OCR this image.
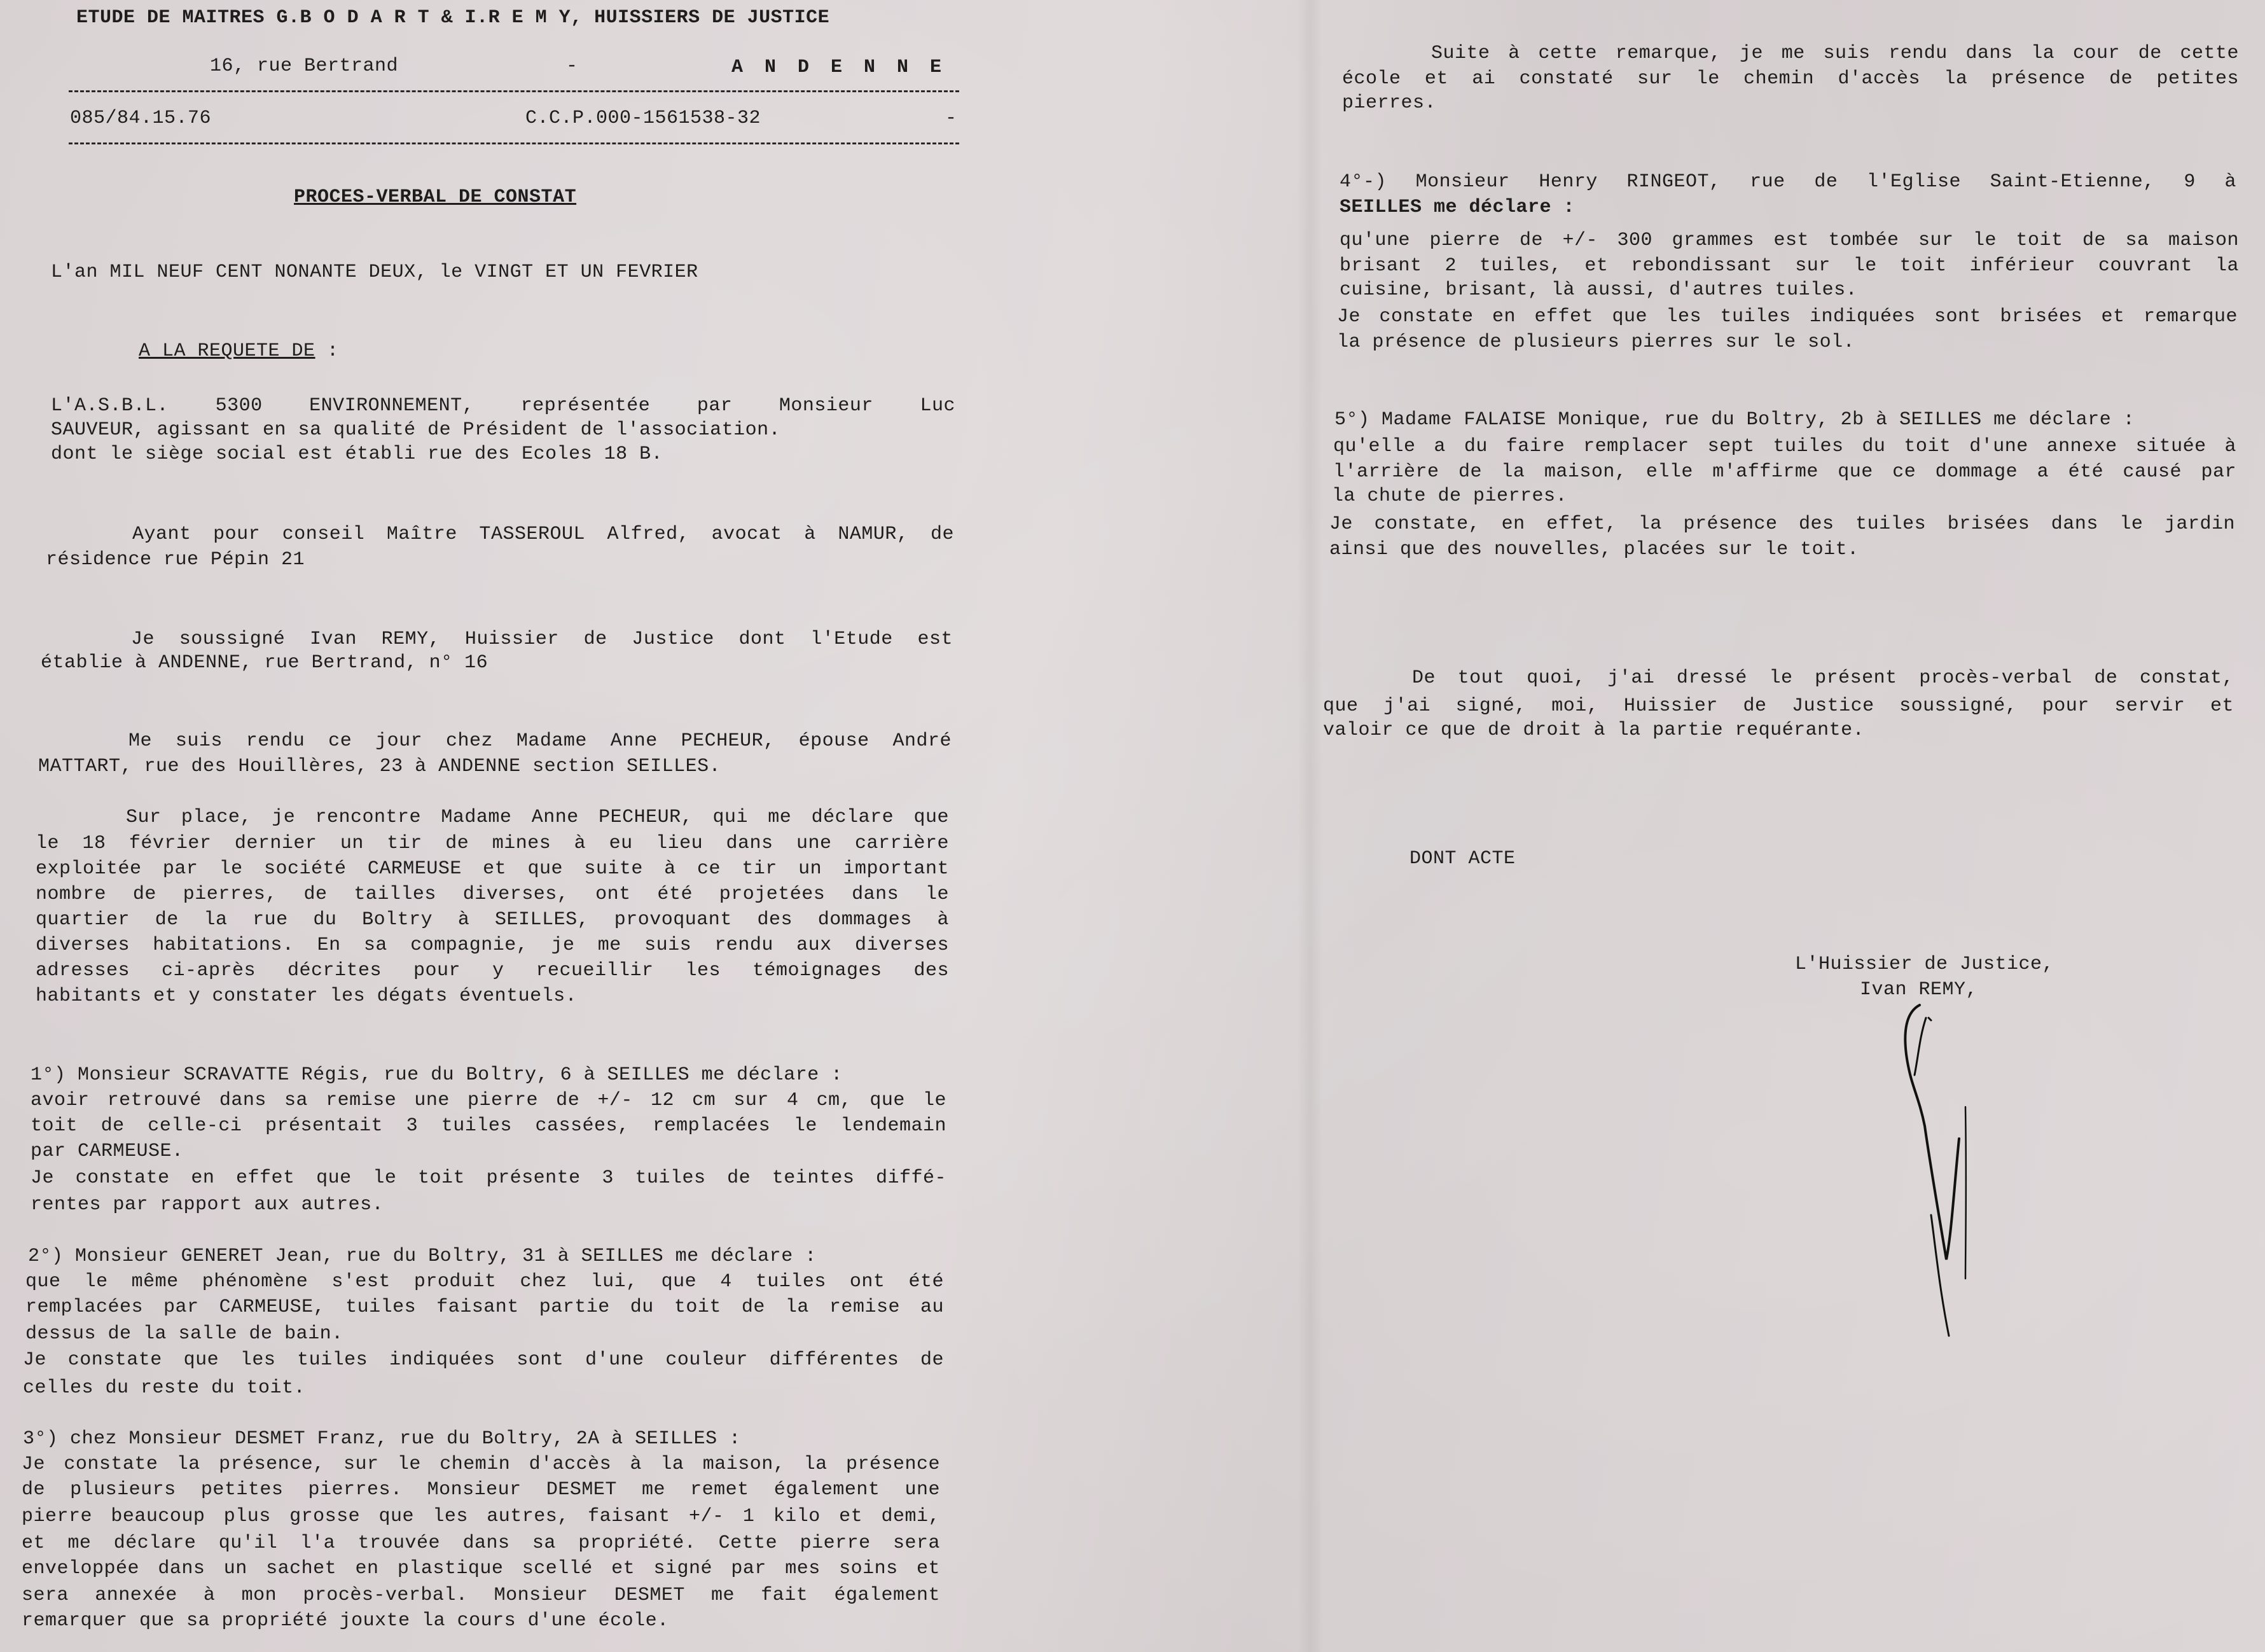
ETUDE DE MAITRES G.B O D A R T & I.R E M Y, HUISSIERS DE JUSTICE

16, rue Bertrand	-	A N D E N N E

085/84.15.76	C.C.P.000-1561538-32	-

PROCES-VERBAL DE CONSTAT

L'an MIL NEUF CENT NONANTE DEUX, le VINGT ET UN FEVRIER

A LA REQUETE DE :

L'A.S.B.L. 5300 ENVIRONNEMENT, représentée par Monsieur Luc

SAUVEUR, agissant en sa qualité de Président de l'association.

dont le siège social est établi rue des Ecoles 18 B.

Ayant pour conseil Maître TASSEROUL Alfred, avocat à NAMUR, de

résidence rue Pépin 21

Je soussigné Ivan REMY, Huissier de Justice dont l'Etude est

établie à ANDENNE, rue Bertrand, n° 16

Me suis rendu ce jour chez Madame Anne PECHEUR, épouse André

MATTART, rue des Houillères, 23 à ANDENNE section SEILLES.

Sur place, je rencontre Madame Anne PECHEUR, qui me déclare que

le 18 février dernier un tir de mines à eu lieu dans une carrière

exploitée par le société CARMEUSE et que suite à ce tir un important

nombre de pierres, de tailles diverses, ont été projetées dans le

quartier de la rue du Boltry à SEILLES, provoquant des dommages à

diverses habitations. En sa compagnie, je me suis rendu aux diverses

adresses ci-après décrites pour y recueillir les témoignages des

habitants et y constater les dégats éventuels.

1°) Monsieur SCRAVATTE Régis, rue du Boltry, 6 à SEILLES me déclare :

avoir retrouvé dans sa remise une pierre de +/- 12 cm sur 4 cm, que le

toit de celle-ci présentait 3 tuiles cassées, remplacées le lendemain

par CARMEUSE.

Je constate en effet que le toit présente 3 tuiles de teintes diffé-

rentes par rapport aux autres.

2°) Monsieur GENERET Jean, rue du Boltry, 31 à SEILLES me déclare :

que le même phénomène s'est produit chez lui, que 4 tuiles ont été

remplacées par CARMEUSE, tuiles faisant partie du toit de la remise au

dessus de la salle de bain.

Je constate que les tuiles indiquées sont d'une couleur différentes de

celles du reste du toit.

3°) chez Monsieur DESMET Franz, rue du Boltry, 2A à SEILLES :

Je constate la présence, sur le chemin d'accès à la maison, la présence

de plusieurs petites pierres. Monsieur DESMET me remet également une

pierre beaucoup plus grosse que les autres, faisant +/- 1 kilo et demi,

et me déclare qu'il l'a trouvée dans sa propriété. Cette pierre sera

enveloppée dans un sachet en plastique scellé et signé par mes soins et

sera annexée à mon procès-verbal. Monsieur DESMET me fait également

remarquer que sa propriété jouxte la cours d'une école.

Suite à cette remarque, je me suis rendu dans la cour de cette

école et ai constaté sur le chemin d'accès la présence de petites

pierres.

4°-) Monsieur Henry RINGEOT, rue de l'Eglise Saint-Etienne, 9 à

SEILLES me déclare :

qu'une pierre de +/- 300 grammes est tombée sur le toit de sa maison

brisant 2 tuiles, et rebondissant sur le toit inférieur couvrant la

cuisine, brisant, là aussi, d'autres tuiles.

Je constate en effet que les tuiles indiquées sont brisées et remarque

la présence de plusieurs pierres sur le sol.

5°) Madame FALAISE Monique, rue du Boltry, 2b à SEILLES me déclare :

qu'elle a du faire remplacer sept tuiles du toit d'une annexe située à

l'arrière de la maison, elle m'affirme que ce dommage a été causé par

la chute de pierres.

Je constate, en effet, la présence des tuiles brisées dans le jardin

ainsi que des nouvelles, placées sur le toit.

De tout quoi, j'ai dressé le présent procès-verbal de constat,

que j'ai signé, moi, Huissier de Justice soussigné, pour servir et

valoir ce que de droit à la partie requérante.

DONT ACTE

L'Huissier de Justice,

Ivan REMY,
